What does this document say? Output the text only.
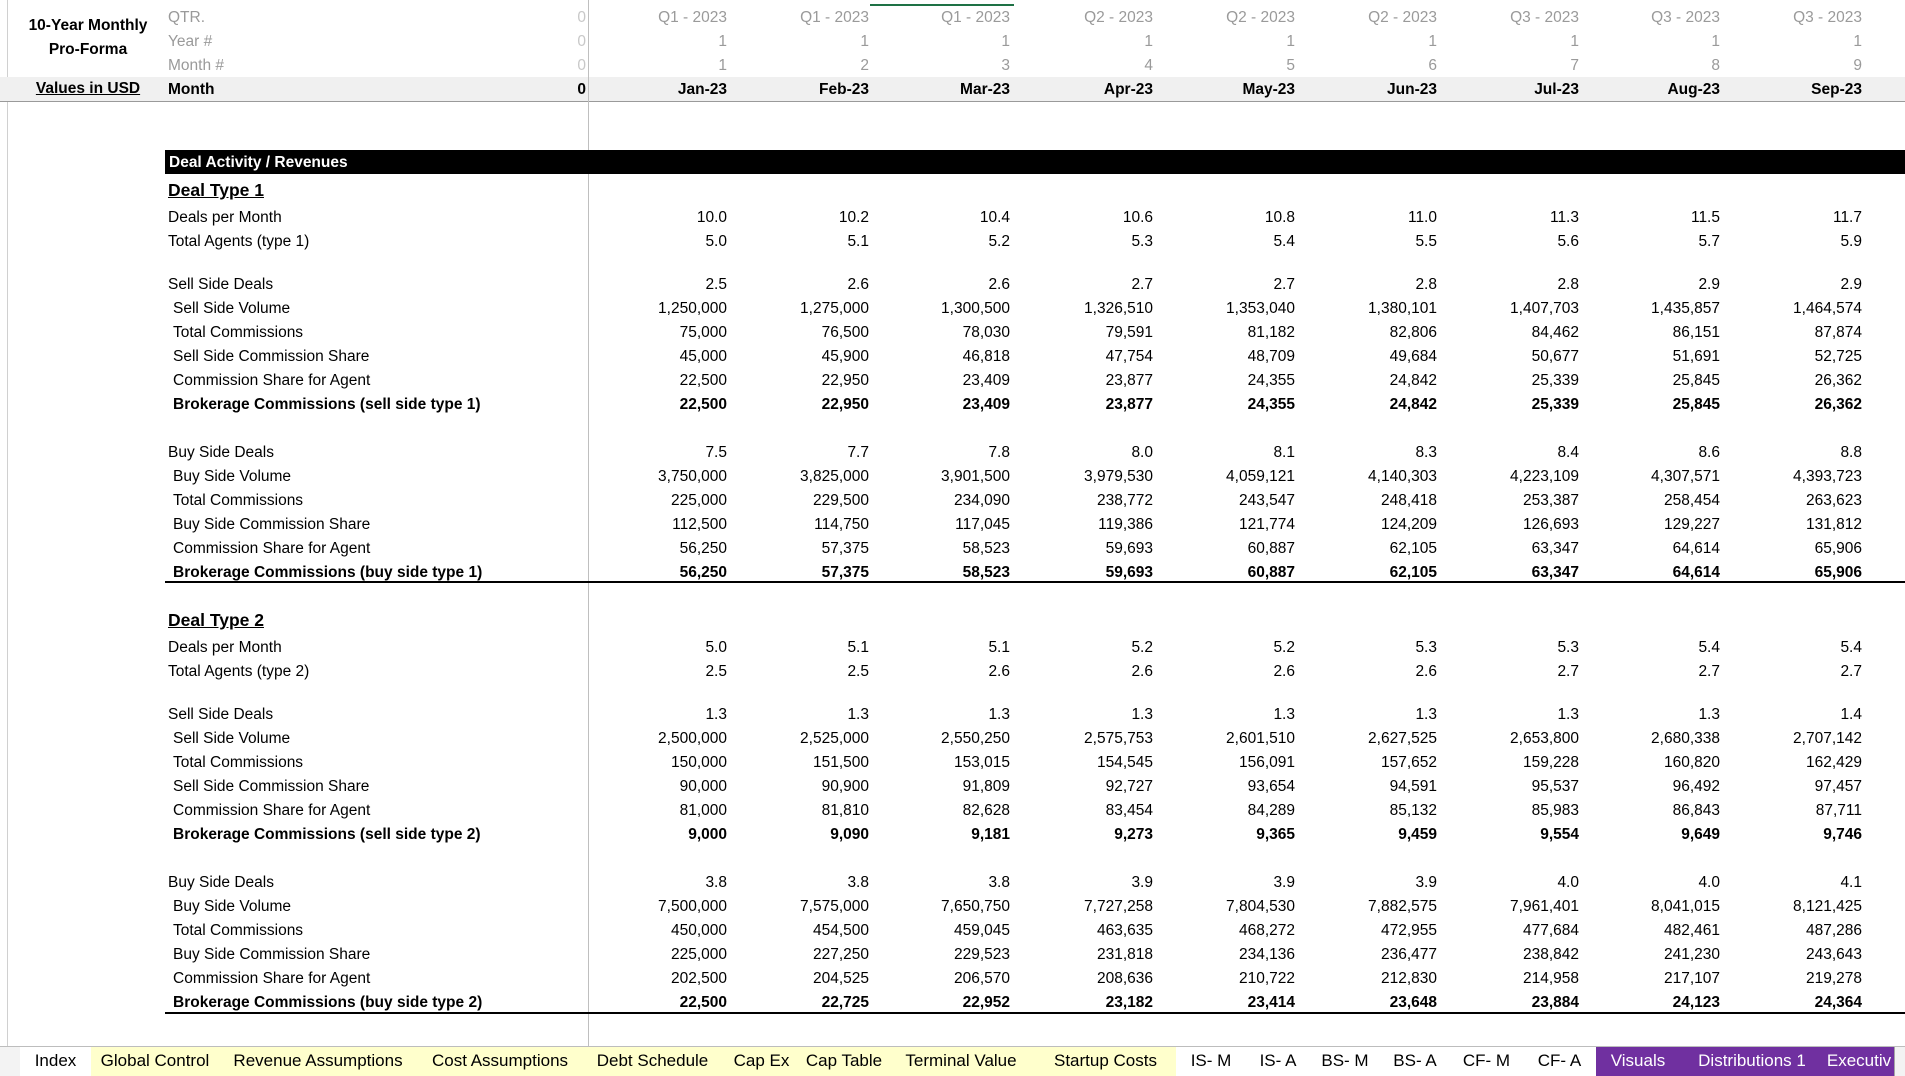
10-Year Monthly
Pro-Forma
Values in USD
QTR.	0	Q1 - 2023	Q1 - 2023	Q1 - 2023	Q2 - 2023	Q2 - 2023	Q2 - 2023	Q3 - 2023	Q3 - 2023	Q3 - 2023
Year #	0	1	1	1	1	1	1	1	1	1
Month #	0	1	2	3	4	5	6	7	8	9
Month	0	Jan-23	Feb-23	Mar-23	Apr-23	May-23	Jun-23	Jul-23	Aug-23	Sep-23
Deal Activity / Revenues
Deal Type 1
Deals per Month	10.0	10.2	10.4	10.6	10.8	11.0	11.3	11.5	11.7
Total Agents (type 1)	5.0	5.1	5.2	5.3	5.4	5.5	5.6	5.7	5.9
Sell Side Deals	2.5	2.6	2.6	2.7	2.7	2.8	2.8	2.9	2.9
Sell Side Volume	1,250,000	1,275,000	1,300,500	1,326,510	1,353,040	1,380,101	1,407,703	1,435,857	1,464,574
Total Commissions	75,000	76,500	78,030	79,591	81,182	82,806	84,462	86,151	87,874
Sell Side Commission Share	45,000	45,900	46,818	47,754	48,709	49,684	50,677	51,691	52,725
Commission Share for Agent	22,500	22,950	23,409	23,877	24,355	24,842	25,339	25,845	26,362
Brokerage Commissions (sell side type 1)	22,500	22,950	23,409	23,877	24,355	24,842	25,339	25,845	26,362
Buy Side Deals	7.5	7.7	7.8	8.0	8.1	8.3	8.4	8.6	8.8
Buy Side Volume	3,750,000	3,825,000	3,901,500	3,979,530	4,059,121	4,140,303	4,223,109	4,307,571	4,393,723
Total Commissions	225,000	229,500	234,090	238,772	243,547	248,418	253,387	258,454	263,623
Buy Side Commission Share	112,500	114,750	117,045	119,386	121,774	124,209	126,693	129,227	131,812
Commission Share for Agent	56,250	57,375	58,523	59,693	60,887	62,105	63,347	64,614	65,906
Brokerage Commissions (buy side type 1)	56,250	57,375	58,523	59,693	60,887	62,105	63,347	64,614	65,906
Deal Type 2
Deals per Month	5.0	5.1	5.1	5.2	5.2	5.3	5.3	5.4	5.4
Total Agents (type 2)	2.5	2.5	2.6	2.6	2.6	2.6	2.7	2.7	2.7
Sell Side Deals	1.3	1.3	1.3	1.3	1.3	1.3	1.3	1.3	1.4
Sell Side Volume	2,500,000	2,525,000	2,550,250	2,575,753	2,601,510	2,627,525	2,653,800	2,680,338	2,707,142
Total Commissions	150,000	151,500	153,015	154,545	156,091	157,652	159,228	160,820	162,429
Sell Side Commission Share	90,000	90,900	91,809	92,727	93,654	94,591	95,537	96,492	97,457
Commission Share for Agent	81,000	81,810	82,628	83,454	84,289	85,132	85,983	86,843	87,711
Brokerage Commissions (sell side type 2)	9,000	9,090	9,181	9,273	9,365	9,459	9,554	9,649	9,746
Buy Side Deals	3.8	3.8	3.8	3.9	3.9	3.9	4.0	4.0	4.1
Buy Side Volume	7,500,000	7,575,000	7,650,750	7,727,258	7,804,530	7,882,575	7,961,401	8,041,015	8,121,425
Total Commissions	450,000	454,500	459,045	463,635	468,272	472,955	477,684	482,461	487,286
Buy Side Commission Share	225,000	227,250	229,523	231,818	234,136	236,477	238,842	241,230	243,643
Commission Share for Agent	202,500	204,525	206,570	208,636	210,722	212,830	214,958	217,107	219,278
Brokerage Commissions (buy side type 2)	22,500	22,725	22,952	23,182	23,414	23,648	23,884	24,123	24,364
Index	Global Control	Revenue Assumptions	Cost Assumptions	Debt Schedule	Cap Ex Cap Table	Terminal Value	Startup Costs	IS- M	IS- A	BS- M	BS- A	CF- M	CF- A	Visuals	Distributions 1	Executiv
